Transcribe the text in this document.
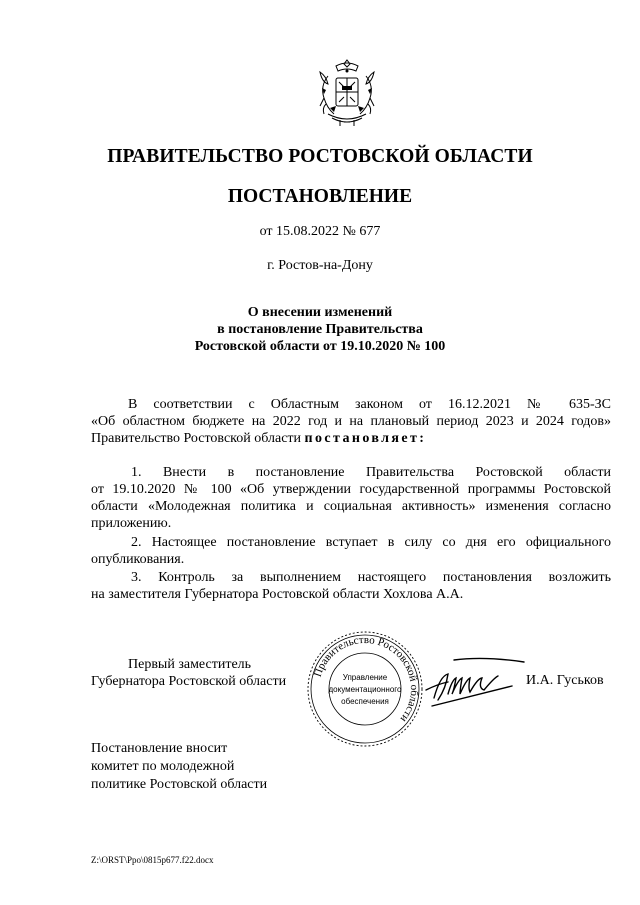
ПРАВИТЕЛЬСТВО РОСТОВСКОЙ ОБЛАСТИ
ПОСТАНОВЛЕНИЕ
от 15.08.2022 № 677
г. Ростов-на-Дону
О внесении изменений
в постановление Правительства
Ростовской области от 19.10.2020 № 100
В соответствии с Областным законом от 16.12.2021 № 635-ЗС
«Об областном бюджете на 2022 год и на плановый период 2023 и 2024 годов»
Правительство Ростовской области постановляет:
1. Внести в постановление Правительства Ростовской области
от 19.10.2020 № 100 «Об утверждении государственной программы Ростовской
области «Молодежная политика и социальная активность» изменения согласно
приложению.
2. Настоящее постановление вступает в силу со дня его официального
опубликования.
3. Контроль за выполнением настоящего постановления возложить
на заместителя Губернатора Ростовской области Хохлова А.А.
Первый заместитель
Губернатора Ростовской области
Правительство Ростовской области
Управление
документационного
обеспечения
И.А. Гуськов
Постановление вносит
комитет по молодежной
политике Ростовской области
Z:\ORST\Ppo\0815p677.f22.docx
